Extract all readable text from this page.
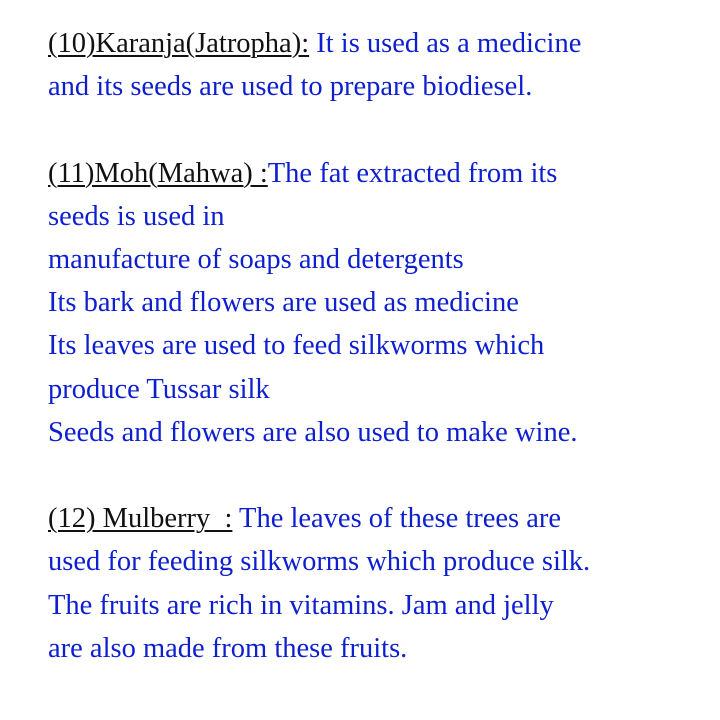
(10)Karanja(Jatropha): It is used as a medicine
and its seeds are used to prepare biodiesel.
(11)Moh(Mahwa) :The fat extracted from its
seeds is used in
manufacture of soaps and detergents
Its bark and flowers are used as medicine
Its leaves are used to feed silkworms which
produce Tussar silk
Seeds and flowers are also used to make wine.
(12) Mulberry  : The leaves of these trees are
used for feeding silkworms which produce silk.
The fruits are rich in vitamins. Jam and jelly
are also made from these fruits.
